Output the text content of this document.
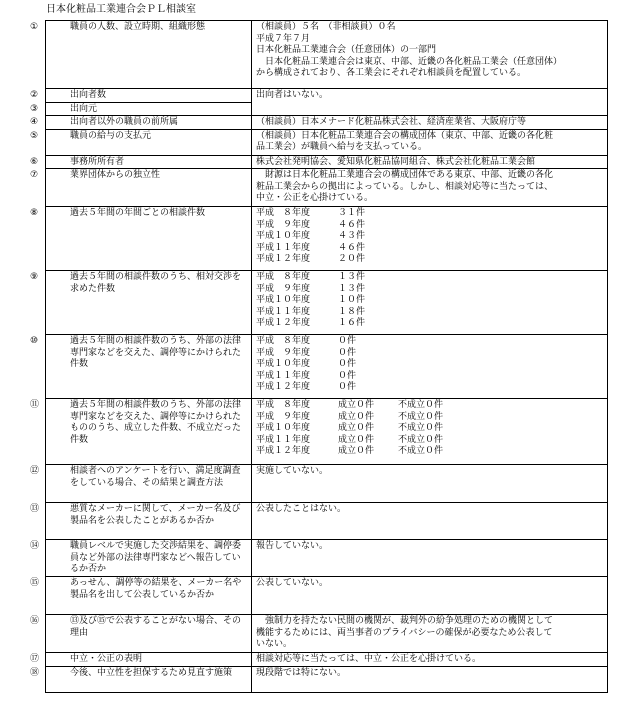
日本化粧品工業連合会ＰＬ相談室
① 職員の人数、設立時期、組織形態	（相談員）５名　（非相談員）０名
平成７年７月
日本化粧品工業連合会（任意団体）の一部門
　日本化粧品工業連合会は東京、中部、近畿の各化粧品工業会（任意団体）
から構成されており、各工業会にそれぞれ相談員を配置している。

② 出向者数	出向者はいない。

③ 出向元	

④ 出向者以外の職員の前所属	（相談員）日本メナード化粧品株式会社、経済産業省、大阪府庁等

⑤ 職員の給与の支払元	（相談員）日本化粧品工業連合会の構成団体（東京、中部、近畿の各化粧
品工業会）が職員へ給与を支払っている。

⑥ 事務所所有者	株式会社発明協会、愛知県化粧品協同組合、株式会社化粧品工業会館

⑦ 業界団体からの独立性	　財源は日本化粧品工業連合会の構成団体である東京、中部、近畿の各化
粧品工業会からの拠出によっている。しかし、相談対応等に当たっては、
中立・公正を心掛けている。

⑧ 過去５年間の年間ごとの相談件数	平成　８年度 ３１件
平成　９年度 ４６件
平成１０年度 ４３件
平成１１年度 ４６件
平成１２年度 ２０件

⑨ 過去５年間の相談件数のうち、相対交渉を求めた件数	平成　８年度 １３件
平成　９年度 １３件
平成１０年度 １０件
平成１１年度 １８件
平成１２年度 １６件

⑩ 過去５年間の相談件数のうち、外部の法律専門家などを交えた、調停等にかけられた件数	平成　８年度 ０件
平成　９年度 ０件
平成１０年度 ０件
平成１１年度 ０件
平成１２年度 ０件

⑪ 過去５年間の相談件数のうち、外部の法律専門家などを交えた、調停等にかけられたもののうち、成立した件数、不成立だった件数	平成　８年度 成立０件 不成立０件
平成　９年度 成立０件 不成立０件
平成１０年度 成立０件 不成立０件
平成１１年度 成立０件 不成立０件
平成１２年度 成立０件 不成立０件

⑫ 相談者へのアンケートを行い、満足度調査をしている場合、その結果と調査方法	実施していない。

⑬ 悪質なメーカーに関して、メーカー名及び製品名を公表したことがあるか否か	公表したことはない。

⑭ 職員レベルで実施した交渉結果を、調停委員など外部の法律専門家などへ報告しているか否か	報告していない。

⑮ あっせん、調停等の結果を、メーカー名や製品名を出して公表しているか否か	公表していない。

⑯ ⑬及び⑮で公表することがない場合、その理由	　強制力を持たない民間の機関が、裁判外の紛争処理のための機関として
機能するためには、両当事者のプライバシーの確保が必要なため公表して
いない。

⑰ 中立・公正の表明	相談対応等に当たっては、中立・公正を心掛けている。

⑱ 今後、中立性を担保するため見直す施策	現段階では特にない。
